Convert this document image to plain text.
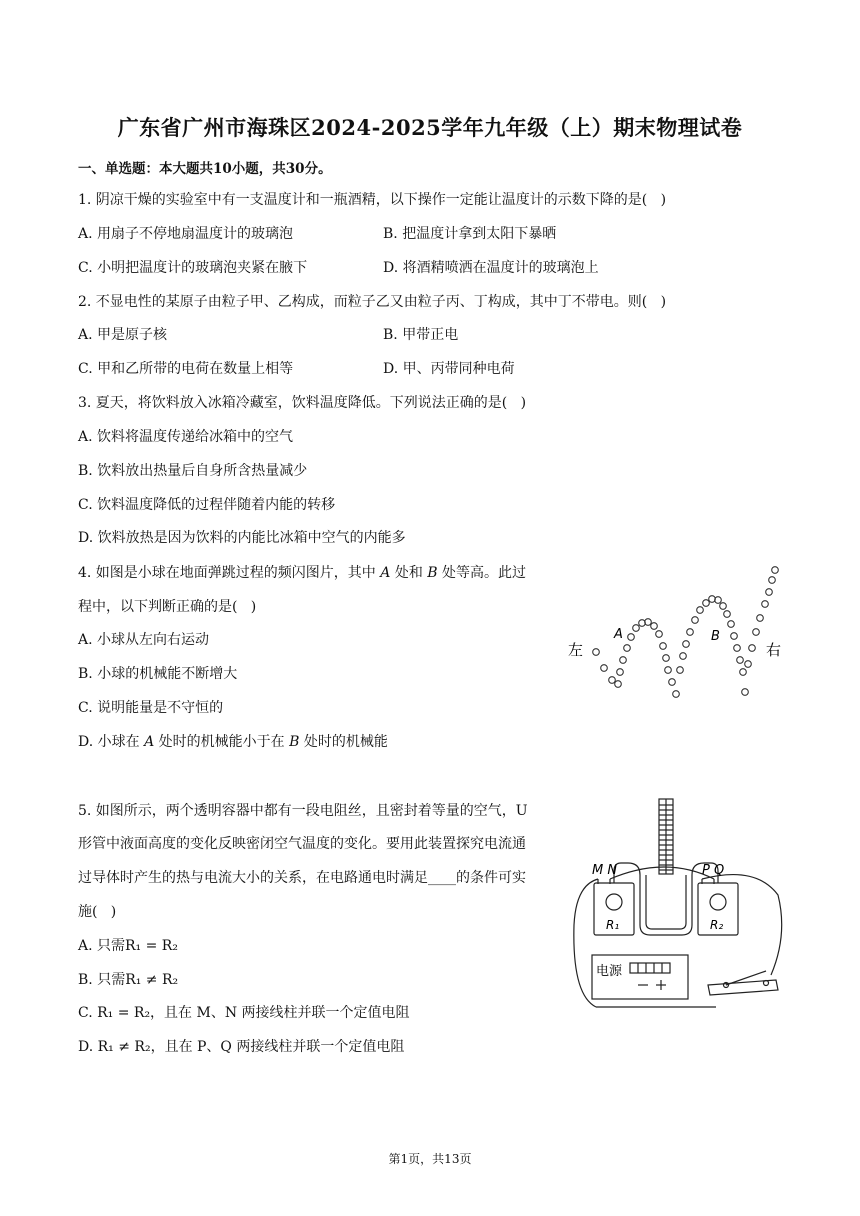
广东省广州市海珠区2024-2025学年九年级（上）期末物理试卷
一、单选题：本大题共10小题，共30分。
1. 阴凉干燥的实验室中有一支温度计和一瓶酒精，以下操作一定能让温度计的示数下降的是(   )
A. 用扇子不停地扇温度计的玻璃泡	B. 把温度计拿到太阳下暴晒
C. 小明把温度计的玻璃泡夹紧在腋下	D. 将酒精喷洒在温度计的玻璃泡上
2. 不显电性的某原子由粒子甲、乙构成，而粒子乙又由粒子丙、丁构成，其中丁不带电。则(   )
A. 甲是原子核	B. 甲带正电
C. 甲和乙所带的电荷在数量上相等	D. 甲、丙带同种电荷
3. 夏天，将饮料放入冰箱冷藏室，饮料温度降低。下列说法正确的是(   )
A. 饮料将温度传递给冰箱中的空气
B. 饮料放出热量后自身所含热量减少
C. 饮料温度降低的过程伴随着内能的转移
D. 饮料放热是因为饮料的内能比冰箱中空气的内能多
4. 如图是小球在地面弹跳过程的频闪图片，其中 A 处和 B 处等高。此过
程中，以下判断正确的是(   )
A. 小球从左向右运动
B. 小球的机械能不断增大
C. 说明能量是不守恒的
D. 小球在 A 处时的机械能小于在 B 处时的机械能
左	右
A	B
5. 如图所示，两个透明容器中都有一段电阻丝，且密封着等量的空气，U
形管中液面高度的变化反映密闭空气温度的变化。要用此装置探究电流通
过导体时产生的热与电流大小的关系，在电路通电时满足____的条件可实
施(   )
A. 只需R₁ = R₂
B. 只需R₁ ≠ R₂
C. R₁ = R₂，且在 M、N 两接线柱并联一个定值电阻
D. R₁ ≠ R₂，且在 P、Q 两接线柱并联一个定值电阻
M N	P Q
R₁	R₂
电源
第1页，共13页
